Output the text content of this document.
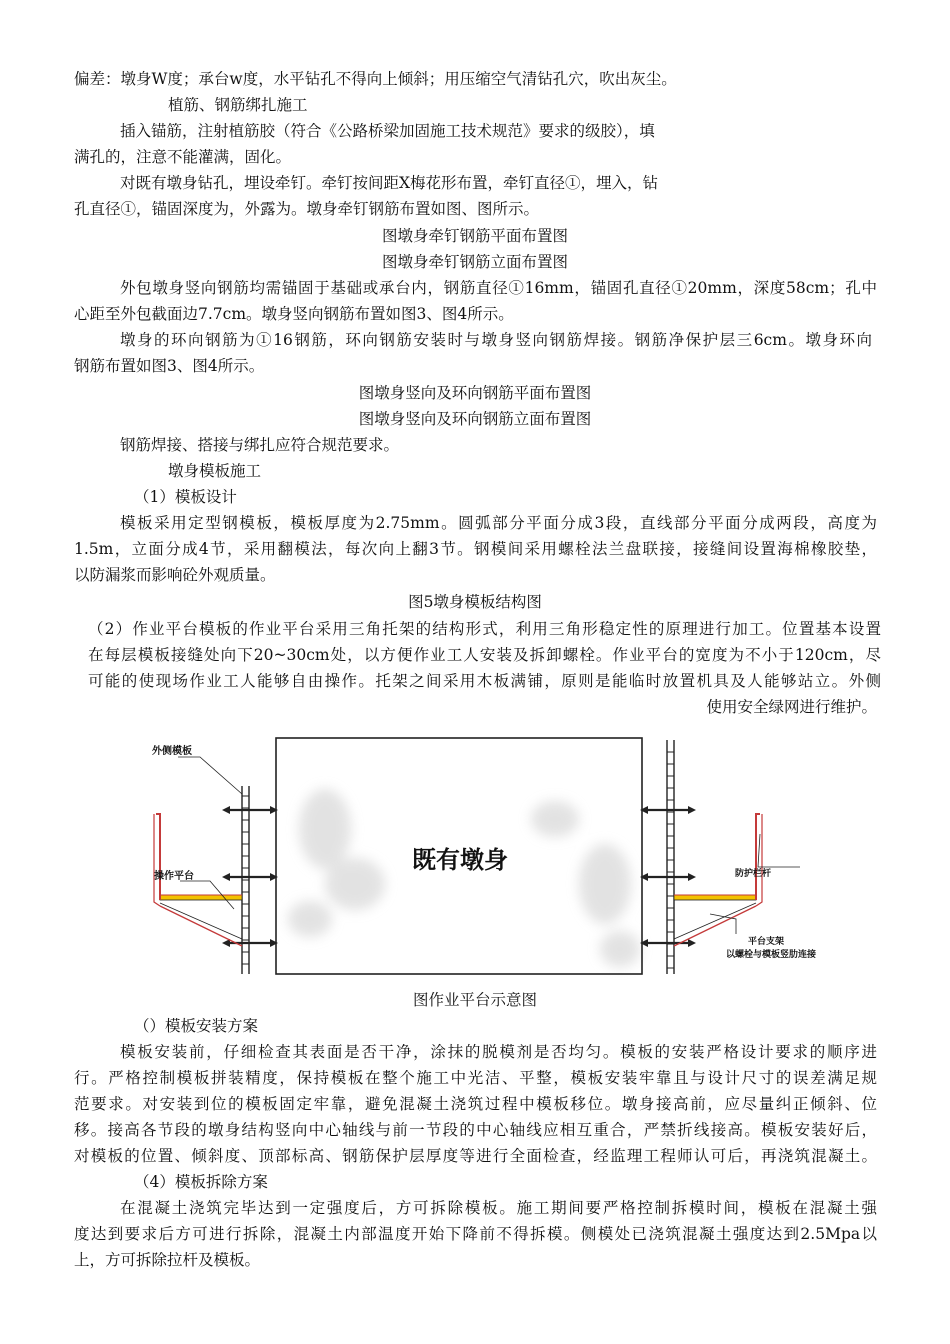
偏差：墩身W度；承台w度，水平钻孔不得向上倾斜；用压缩空气清钻孔穴，吹出灰尘。
植筋、钢筋绑扎施工
插入锚筋，注射植筋胶（符合《公路桥梁加固施工技术规范》要求的级胶），填
满孔的，注意不能灌满，固化。
对既有墩身钻孔，埋设牵钉。牵钉按间距X梅花形布置，牵钉直径①，埋入，钻
孔直径①，锚固深度为，外露为。墩身牵钉钢筋布置如图、图所示。
图墩身牵钉钢筋平面布置图
图墩身牵钉钢筋立面布置图
外包墩身竖向钢筋均需锚固于基础或承台内，钢筋直径①16mm，锚固孔直径①20mm，深度58cm；孔中
心距至外包截面边7.7cm。墩身竖向钢筋布置如图3、图4所示。
墩身的环向钢筋为①16钢筋，环向钢筋安装时与墩身竖向钢筋焊接。钢筋净保护层三6cm。墩身环向
钢筋布置如图3、图4所示。
图墩身竖向及环向钢筋平面布置图
图墩身竖向及环向钢筋立面布置图
钢筋焊接、搭接与绑扎应符合规范要求。
墩身模板施工
（1）模板设计
模板采用定型钢模板，模板厚度为2.75mm。圆弧部分平面分成3段，直线部分平面分成两段，高度为
1.5m，立面分成4节，采用翻模法，每次向上翻3节。钢模间采用螺栓法兰盘联接，接缝间设置海棉橡胶垫，
以防漏浆而影响砼外观质量。
图5墩身模板结构图
（2）作业平台模板的作业平台采用三角托架的结构形式，利用三角形稳定性的原理进行加工。位置基本设置
在每层模板接缝处向下20~30cm处，以方便作业工人安装及拆卸螺栓。作业平台的宽度为不小于120cm，尽
可能的使现场作业工人能够自由操作。托架之间采用木板满铺，原则是能临时放置机具及人能够站立。外侧
使用安全绿网进行维护。
外侧模板
操作平台
既有墩身	防护栏杆
平台支架
以螺栓与模板竖肋连接
图作业平台示意图
（）模板安装方案
模板安装前，仔细检查其表面是否干净，涂抹的脱模剂是否均匀。模板的安装严格设计要求的顺序进
行。严格控制模板拼装精度，保持模板在整个施工中光洁、平整，模板安装牢靠且与设计尺寸的误差满足规
范要求。对安装到位的模板固定牢靠，避免混凝土浇筑过程中模板移位。墩身接高前，应尽量纠正倾斜、位
移。接高各节段的墩身结构竖向中心轴线与前一节段的中心轴线应相互重合，严禁折线接高。模板安装好后，
对模板的位置、倾斜度、顶部标高、钢筋保护层厚度等进行全面检查，经监理工程师认可后，再浇筑混凝土。
（4）模板拆除方案
在混凝土浇筑完毕达到一定强度后，方可拆除模板。施工期间要严格控制拆模时间，模板在混凝土强
度达到要求后方可进行拆除，混凝土内部温度开始下降前不得拆模。侧模处已浇筑混凝土强度达到2.5Mpa以
上，方可拆除拉杆及模板。
